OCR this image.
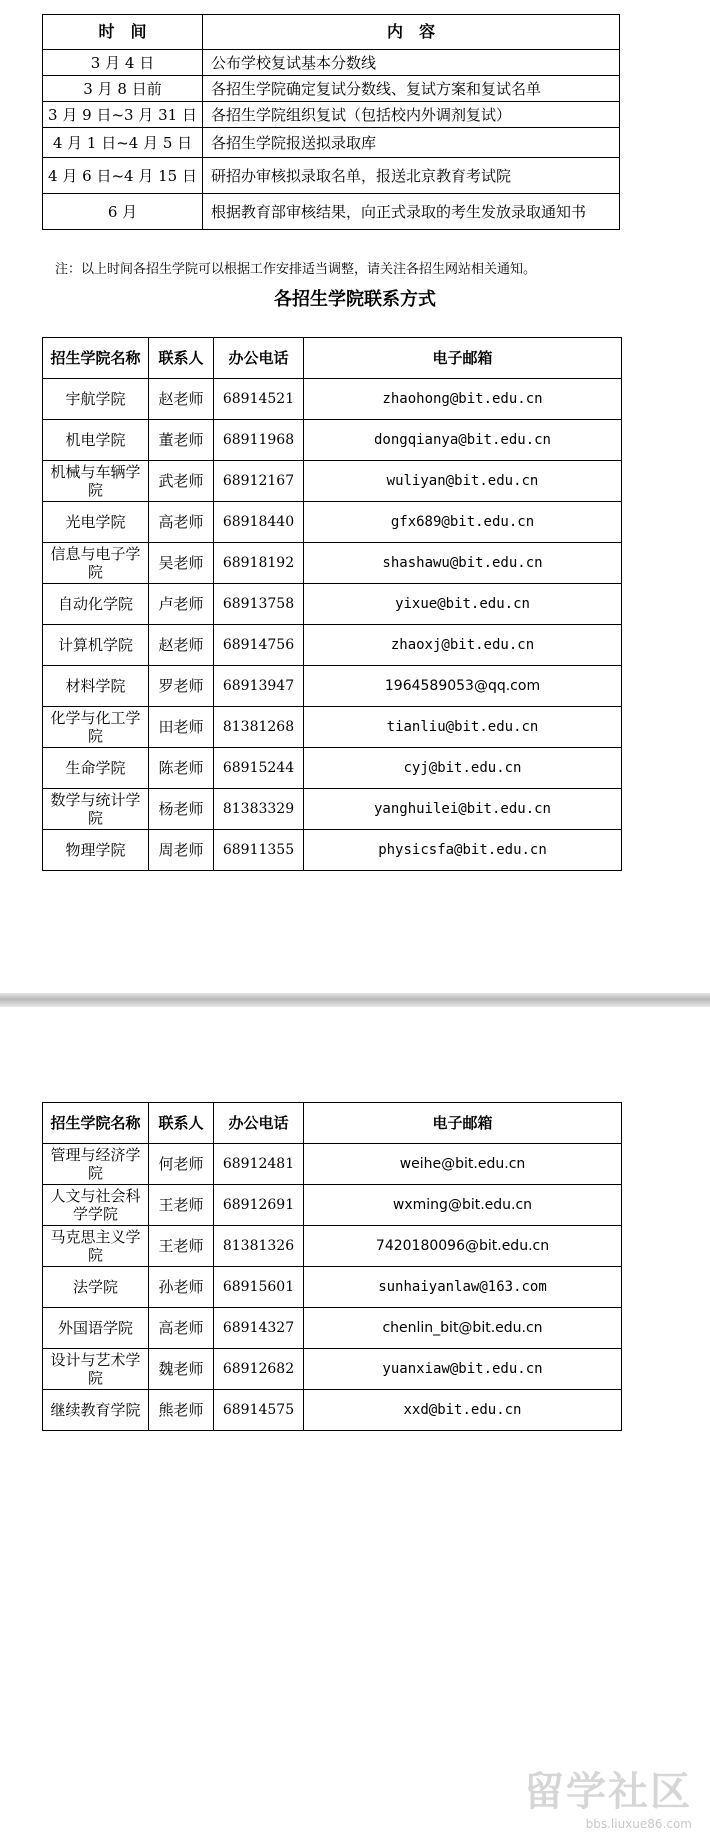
时　间	内　容
3 月 4 日	公布学校复试基本分数线
3 月 8 日前	各招生学院确定复试分数线、复试方案和复试名单
3 月 9 日~3 月 31 日	各招生学院组织复试（包括校内外调剂复试）
4 月 1 日~4 月 5 日	各招生学院报送拟录取库
4 月 6 日~4 月 15 日	研招办审核拟录取名单，报送北京教育考试院
6 月	根据教育部审核结果，向正式录取的考生发放录取通知书
注：以上时间各招生学院可以根据工作安排适当调整，请关注各招生网站相关通知。
各招生学院联系方式
招生学院名称	联系人	办公电话	电子邮箱
宇航学院	赵老师	68914521	zhaohong@bit.edu.cn
机电学院	董老师	68911968	dongqianya@bit.edu.cn
机械与车辆学院	武老师	68912167	wuliyan@bit.edu.cn
光电学院	高老师	68918440	gfx689@bit.edu.cn
信息与电子学院	吴老师	68918192	shashawu@bit.edu.cn
自动化学院	卢老师	68913758	yixue@bit.edu.cn
计算机学院	赵老师	68914756	zhaoxj@bit.edu.cn
材料学院	罗老师	68913947	1964589053@qq.com
化学与化工学院	田老师	81381268	tianliu@bit.edu.cn
生命学院	陈老师	68915244	cyj@bit.edu.cn
数学与统计学院	杨老师	81383329	yanghuilei@bit.edu.cn
物理学院	周老师	68911355	physicsfa@bit.edu.cn
招生学院名称	联系人	办公电话	电子邮箱
管理与经济学院	何老师	68912481	weihe@bit.edu.cn
人文与社会科学学院	王老师	68912691	wxming@bit.edu.cn
马克思主义学院	王老师	81381326	7420180096@bit.edu.cn
法学院	孙老师	68915601	sunhaiyanlaw@163.com
外国语学院	高老师	68914327	chenlin_bit@bit.edu.cn
设计与艺术学院	魏老师	68912682	yuanxiaw@bit.edu.cn
继续教育学院	熊老师	68914575	xxd@bit.edu.cn
留学社区
bbs.liuxue86.com
